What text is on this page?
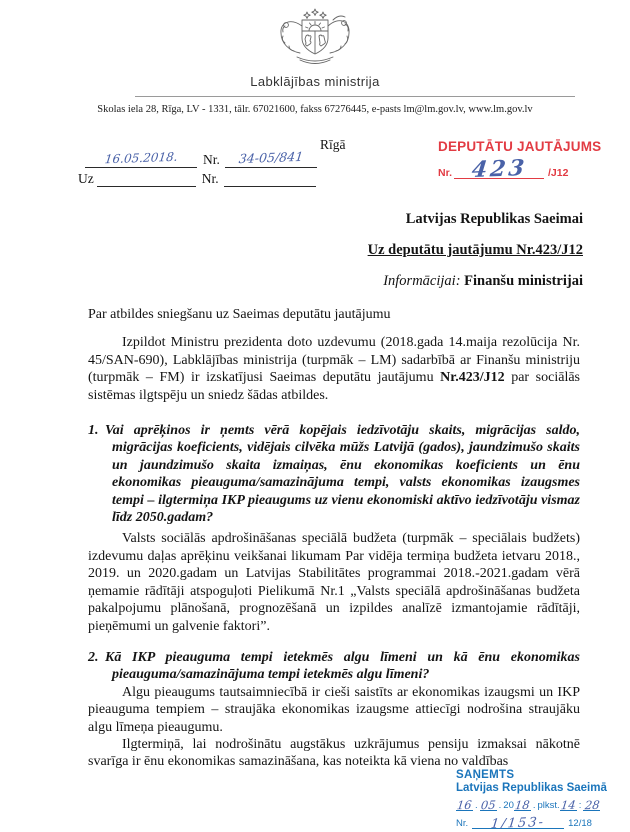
Labklājības ministrija
Skolas iela 28, Rīga, LV - 1331, tālr. 67021600, fakss 67276445, e-pasts lm@lm.gov.lv, www.lm.gov.lv
Rīgā
16.05.2018.	Nr.	34-05/841
Uz	Nr.
DEPUTĀTU JAUTĀJUMS
Nr. 423	/J12
Latvijas Republikas Saeimai
Uz deputātu jautājumu Nr.423/J12
Informācijai: Finanšu ministrijai
Par atbildes sniegšanu uz Saeimas deputātu jautājumu
Izpildot Ministru prezidenta doto uzdevumu (2018.gada 14.maija rezolūcija Nr. 45/SAN-690), Labklājības ministrija (turpmāk – LM) sadarbībā ar Finanšu ministriju (turpmāk – FM) ir izskatījusi Saeimas deputātu jautājumu Nr.423/J12 par sociālās sistēmas ilgtspēju un sniedz šādas atbildes.
1. Vai aprēķinos ir ņemts vērā kopējais iedzīvotāju skaits, migrācijas saldo, migrācijas koeficients, vidējais cilvēka mūžs Latvijā (gados), jaundzimušo skaits un jaundzimušo skaita izmaiņas, ēnu ekonomikas koeficients un ēnu ekonomikas pieauguma/samazinājuma tempi, valsts ekonomikas izaugsmes tempi – ilgtermiņa IKP pieaugums uz vienu ekonomiski aktīvo iedzīvotāju vismaz līdz 2050.gadam?
Valsts sociālās apdrošināšanas speciālā budžeta (turpmāk – speciālais budžets) izdevumu daļas aprēķinu veikšanai likumam Par vidēja termiņa budžeta ietvaru 2018., 2019. un 2020.gadam un Latvijas Stabilitātes programmai 2018.-2021.gadam vērā ņemamie rādītāji atspoguļoti Pielikumā Nr.1 „Valsts speciālā apdrošināšanas budžeta pakalpojumu plānošanā, prognozēšanā un izpildes analīzē izmantojamie rādītāji, pieņēmumi un galvenie faktori”.
2. Kā IKP pieauguma tempi ietekmēs algu līmeni un kā ēnu ekonomikas pieauguma/samazinājuma tempi ietekmēs algu līmeni?
Algu pieaugums tautsaimniecībā ir cieši saistīts ar ekonomikas izaugsmi un IKP pieauguma tempiem – straujāka ekonomikas izaugsme attiecīgi nodrošina straujāku algu līmeņa pieaugumu.
Ilgtermiņā, lai nodrošinātu augstākus uzkrājumus pensiju izmaksai nākotnē svarīga ir ēnu ekonomikas samazināšana, kas noteikta kā viena no valdības
SAŅEMTS
Latvijas Republikas Saeimā
16 . 05 . 20 18 . plkst. 14 : 28
Nr.	1/153-	12/18
